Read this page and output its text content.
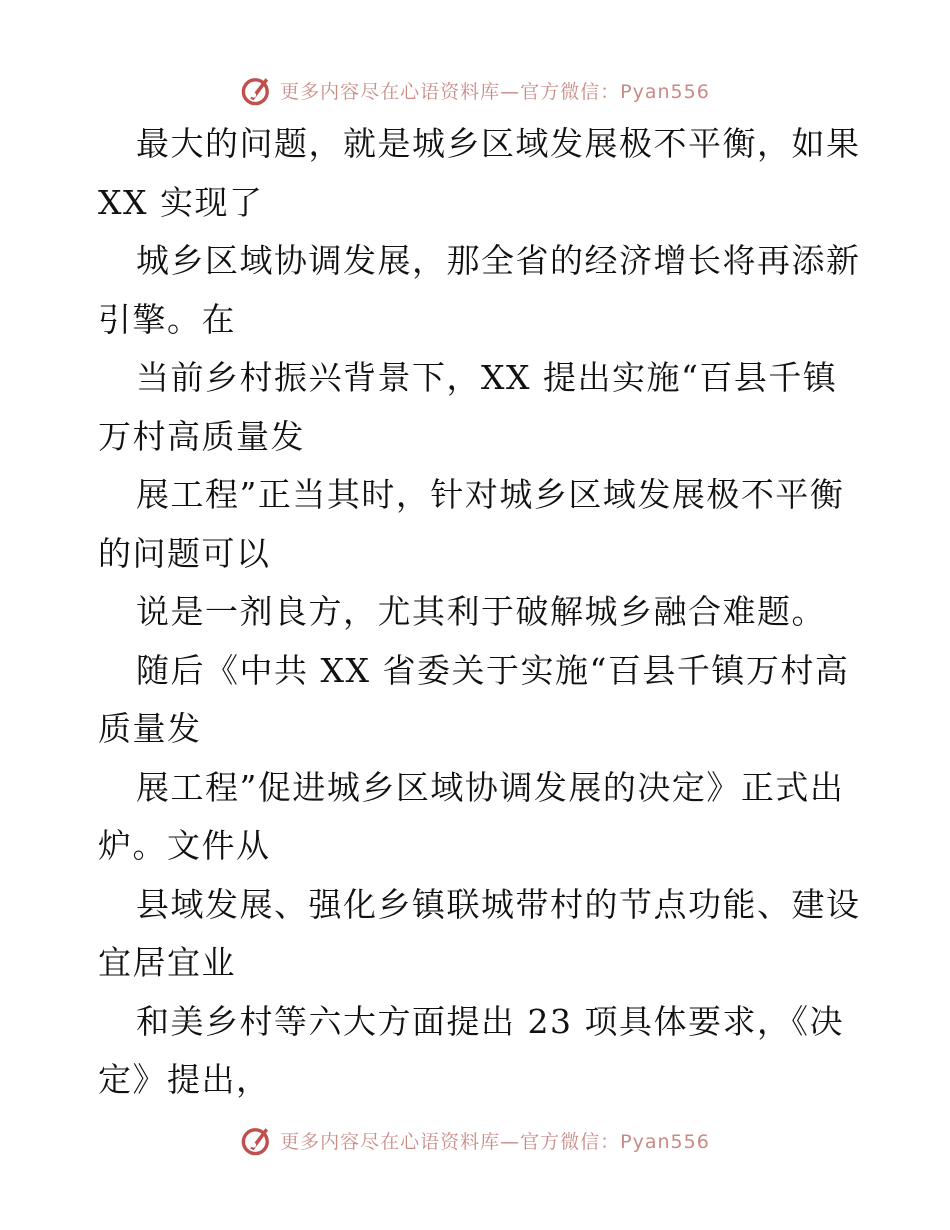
更多内容尽在心语资料库—官方微信：Pyan556
最大的问题，就是城乡区域发展极不平衡，如果
XX 实现了
城乡区域协调发展，那全省的经济增长将再添新
引擎。在
当前乡村振兴背景下，XX 提出实施“百县千镇
万村高质量发
展工程”正当其时，针对城乡区域发展极不平衡
的问题可以
说是一剂良方，尤其利于破解城乡融合难题。
随后《中共 XX 省委关于实施“百县千镇万村高
质量发
展工程”促进城乡区域协调发展的决定》正式出
炉。文件从
县域发展、强化乡镇联城带村的节点功能、建设
宜居宜业
和美乡村等六大方面提出 23 项具体要求，《决
定》提出，
更多内容尽在心语资料库—官方微信：Pyan556
